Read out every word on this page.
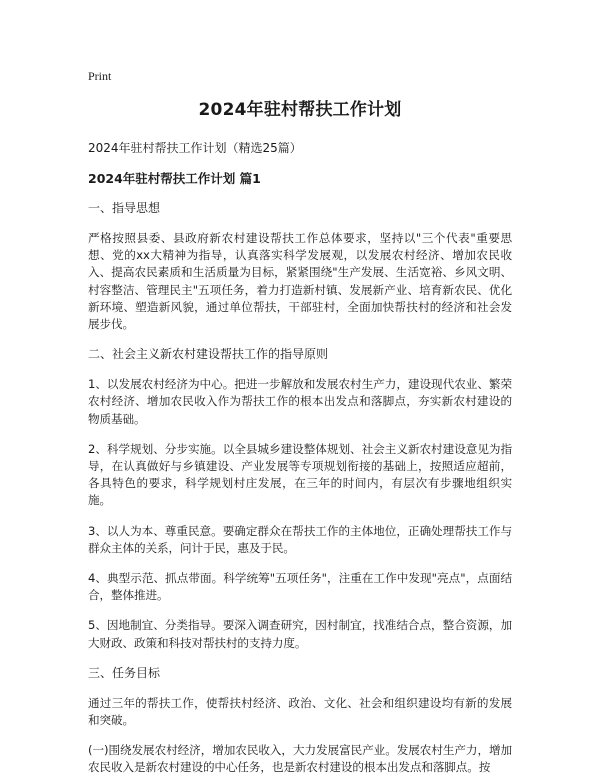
Print
2024年驻村帮扶工作计划
2024年驻村帮扶工作计划（精选25篇）
2024年驻村帮扶工作计划 篇1
一、指导思想
严格按照县委、县政府新农村建设帮扶工作总体要求，坚持以"三个代表"重要思想、党的xx大精神为指导，认真落实科学发展观，以发展农村经济、增加农民收入、提高农民素质和生活质量为目标，紧紧围绕"生产发展、生活宽裕、乡风文明、村容整洁、管理民主"五项任务，着力打造新村镇、发展新产业、培育新农民、优化新环境、塑造新风貌，通过单位帮扶，干部驻村，全面加快帮扶村的经济和社会发展步伐。
二、社会主义新农村建设帮扶工作的指导原则
1、以发展农村经济为中心。把进一步解放和发展农村生产力，建设现代农业、繁荣农村经济、增加农民收入作为帮扶工作的根本出发点和落脚点，夯实新农村建设的物质基础。
2、科学规划、分步实施。以全县城乡建设整体规划、社会主义新农村建设意见为指导，在认真做好与乡镇建设、产业发展等专项规划衔接的基础上，按照适应超前，各具特色的要求，科学规划村庄发展，在三年的时间内，有层次有步骤地组织实施。
3、以人为本、尊重民意。要确定群众在帮扶工作的主体地位，正确处理帮扶工作与群众主体的关系，问计于民，惠及于民。
4、典型示范、抓点带面。科学统筹"五项任务"，注重在工作中发现"亮点"，点面结合，整体推进。
5、因地制宜、分类指导。要深入调查研究，因村制宜，找准结合点，整合资源，加大财政、政策和科技对帮扶村的支持力度。
三、任务目标
通过三年的帮扶工作，使帮扶村经济、政治、文化、社会和组织建设均有新的发展和突破。
(一)围绕发展农村经济，增加农民收入，大力发展富民产业。发展农村生产力，增加农民收入是新农村建设的中心任务，也是新农村建设的根本出发点和落脚点。按
